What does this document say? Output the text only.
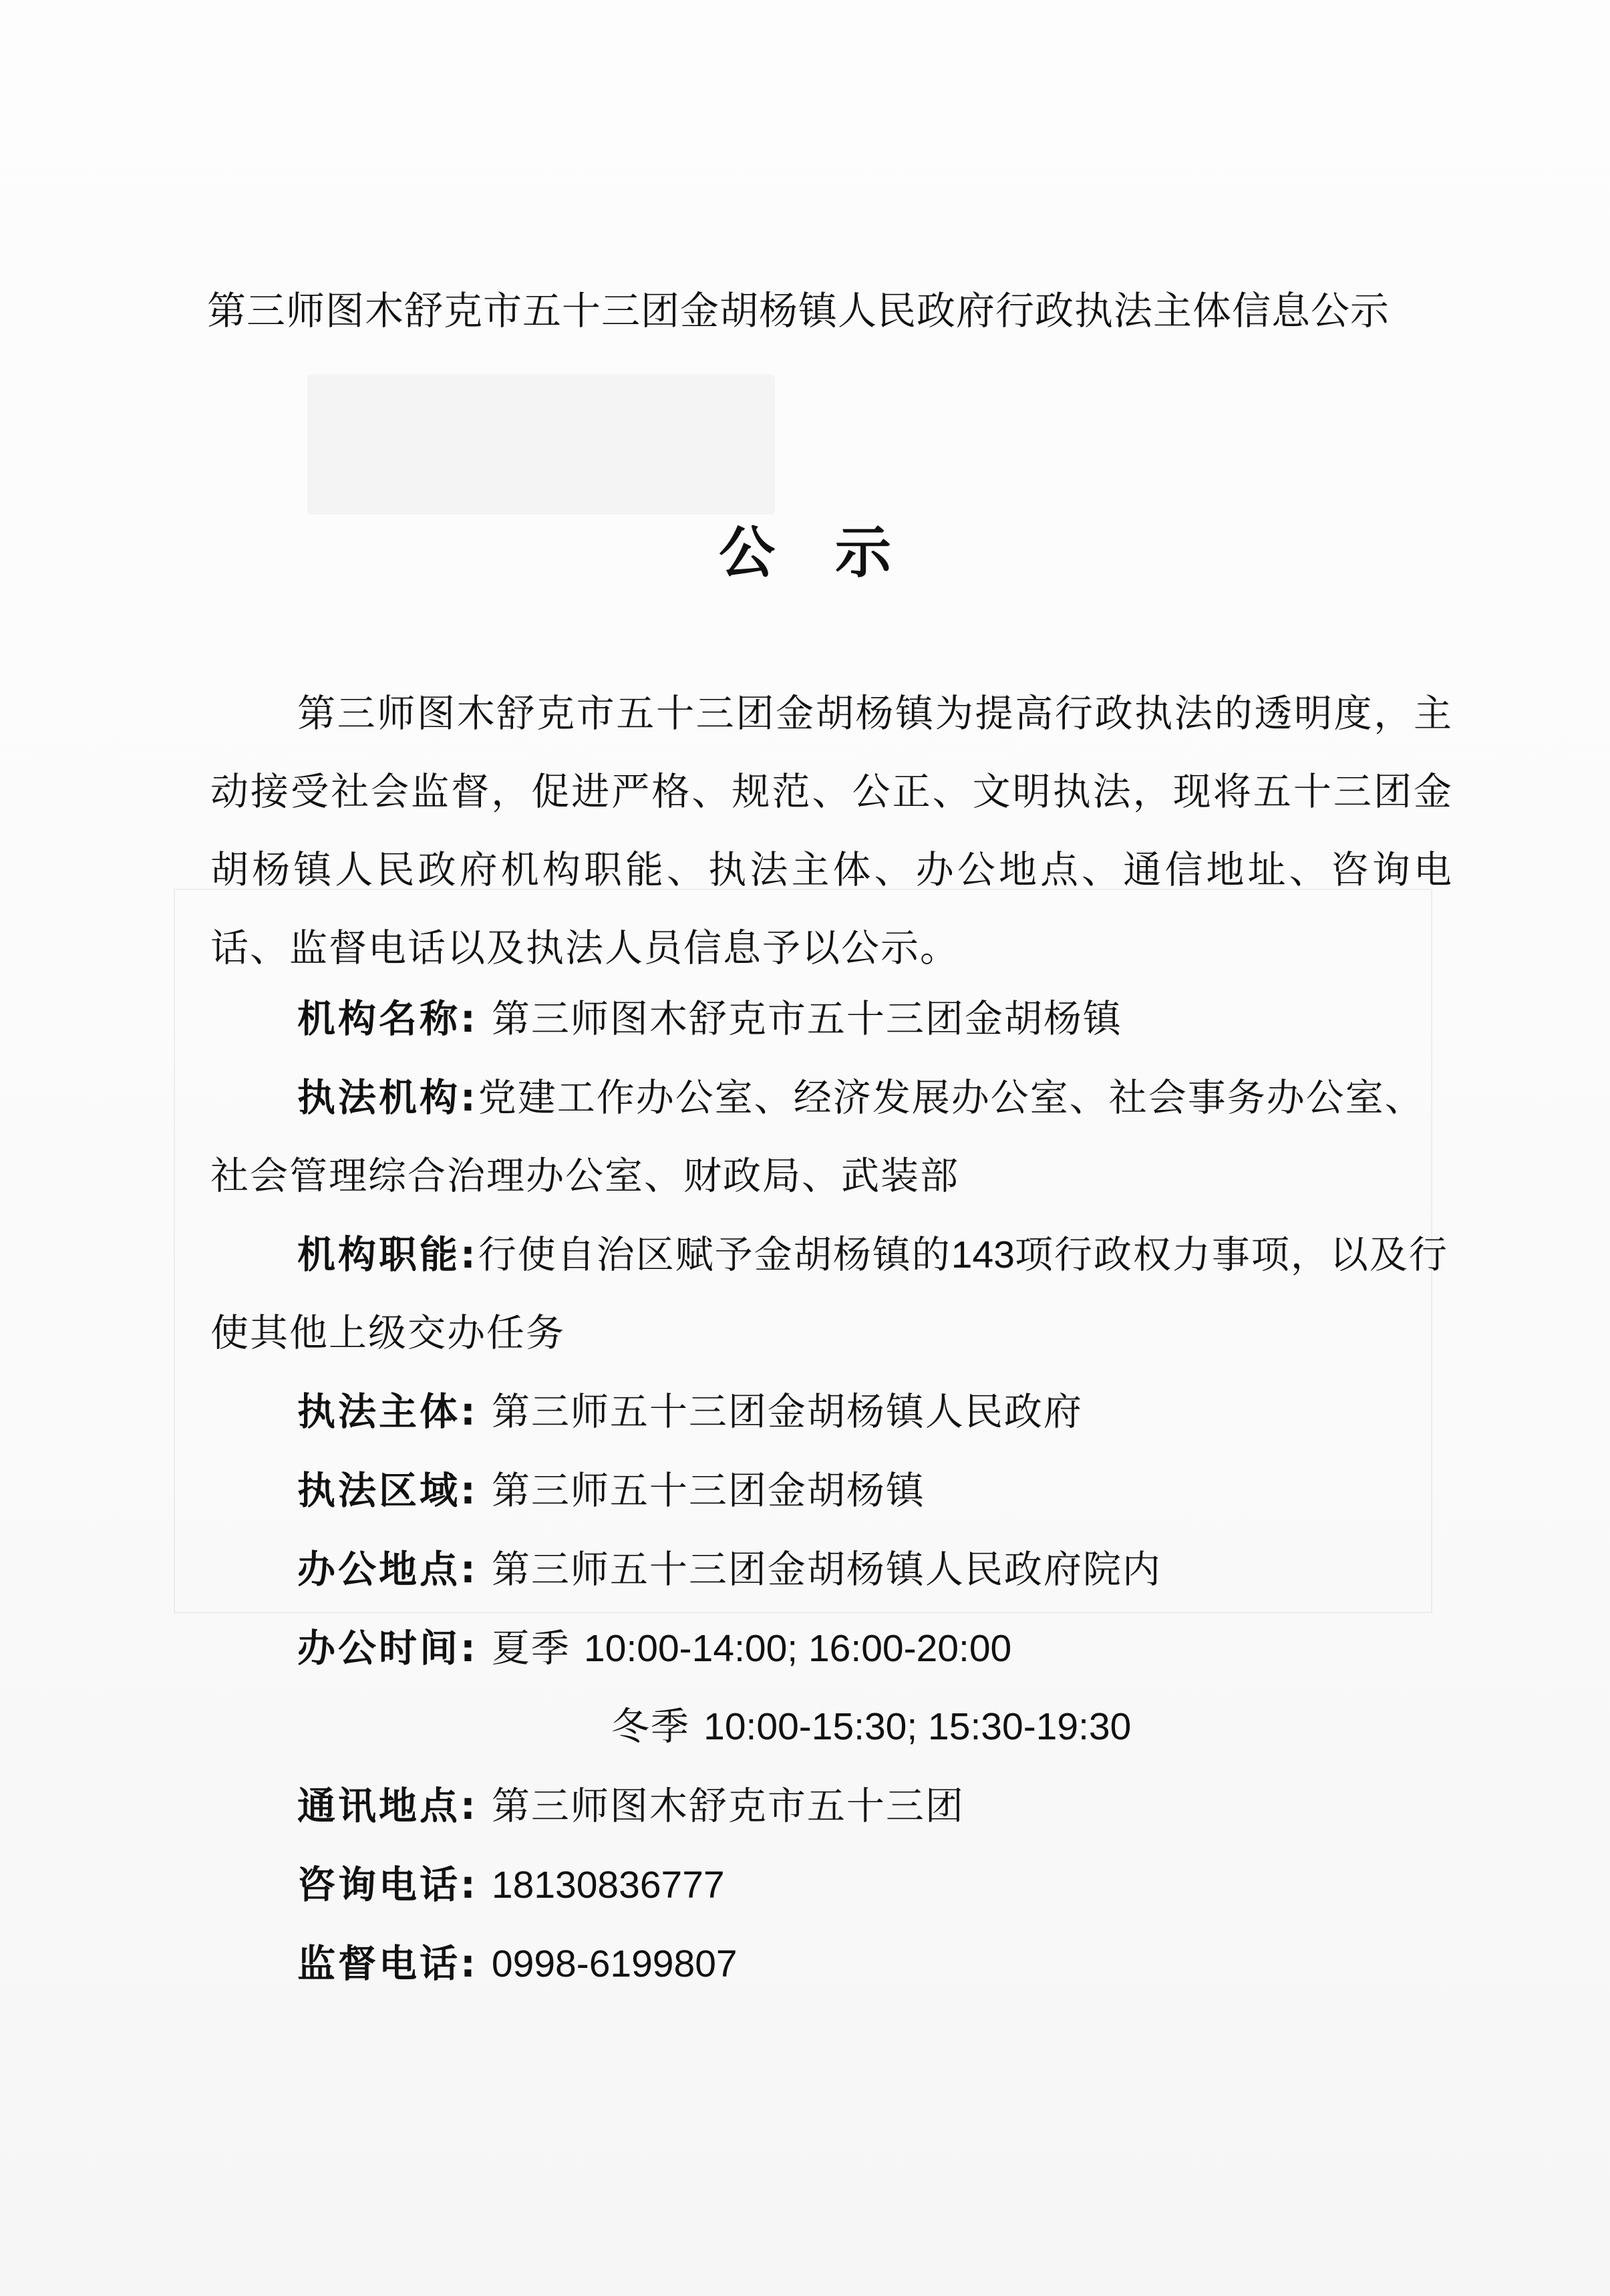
第三师图木舒克市五十三团金胡杨镇人民政府行政执法主体信息公示
公示
第三师图木舒克市五十三团金胡杨镇为提高行政执法的透明度，主动接受社会监督，促进严格、规范、公正、文明执法，现将五十三团金胡杨镇人民政府机构职能、执法主体、办公地点、通信地址、咨询电话、监督电话以及执法人员信息予以公示。
机构名称: 第三师图木舒克市五十三团金胡杨镇
执法机构:党建工作办公室、经济发展办公室、社会事务办公室、社会管理综合治理办公室、财政局、武装部
机构职能:行使自治区赋予金胡杨镇的143项行政权力事项，以及行使其他上级交办任务
执法主体: 第三师五十三团金胡杨镇人民政府
执法区域: 第三师五十三团金胡杨镇
办公地点: 第三师五十三团金胡杨镇人民政府院内
办公时间: 夏季 10:00-14:00; 16:00-20:00
冬季 10:00-15:30; 15:30-19:30
通讯地点: 第三师图木舒克市五十三团
咨询电话: 18130836777
监督电话: 0998-6199807
